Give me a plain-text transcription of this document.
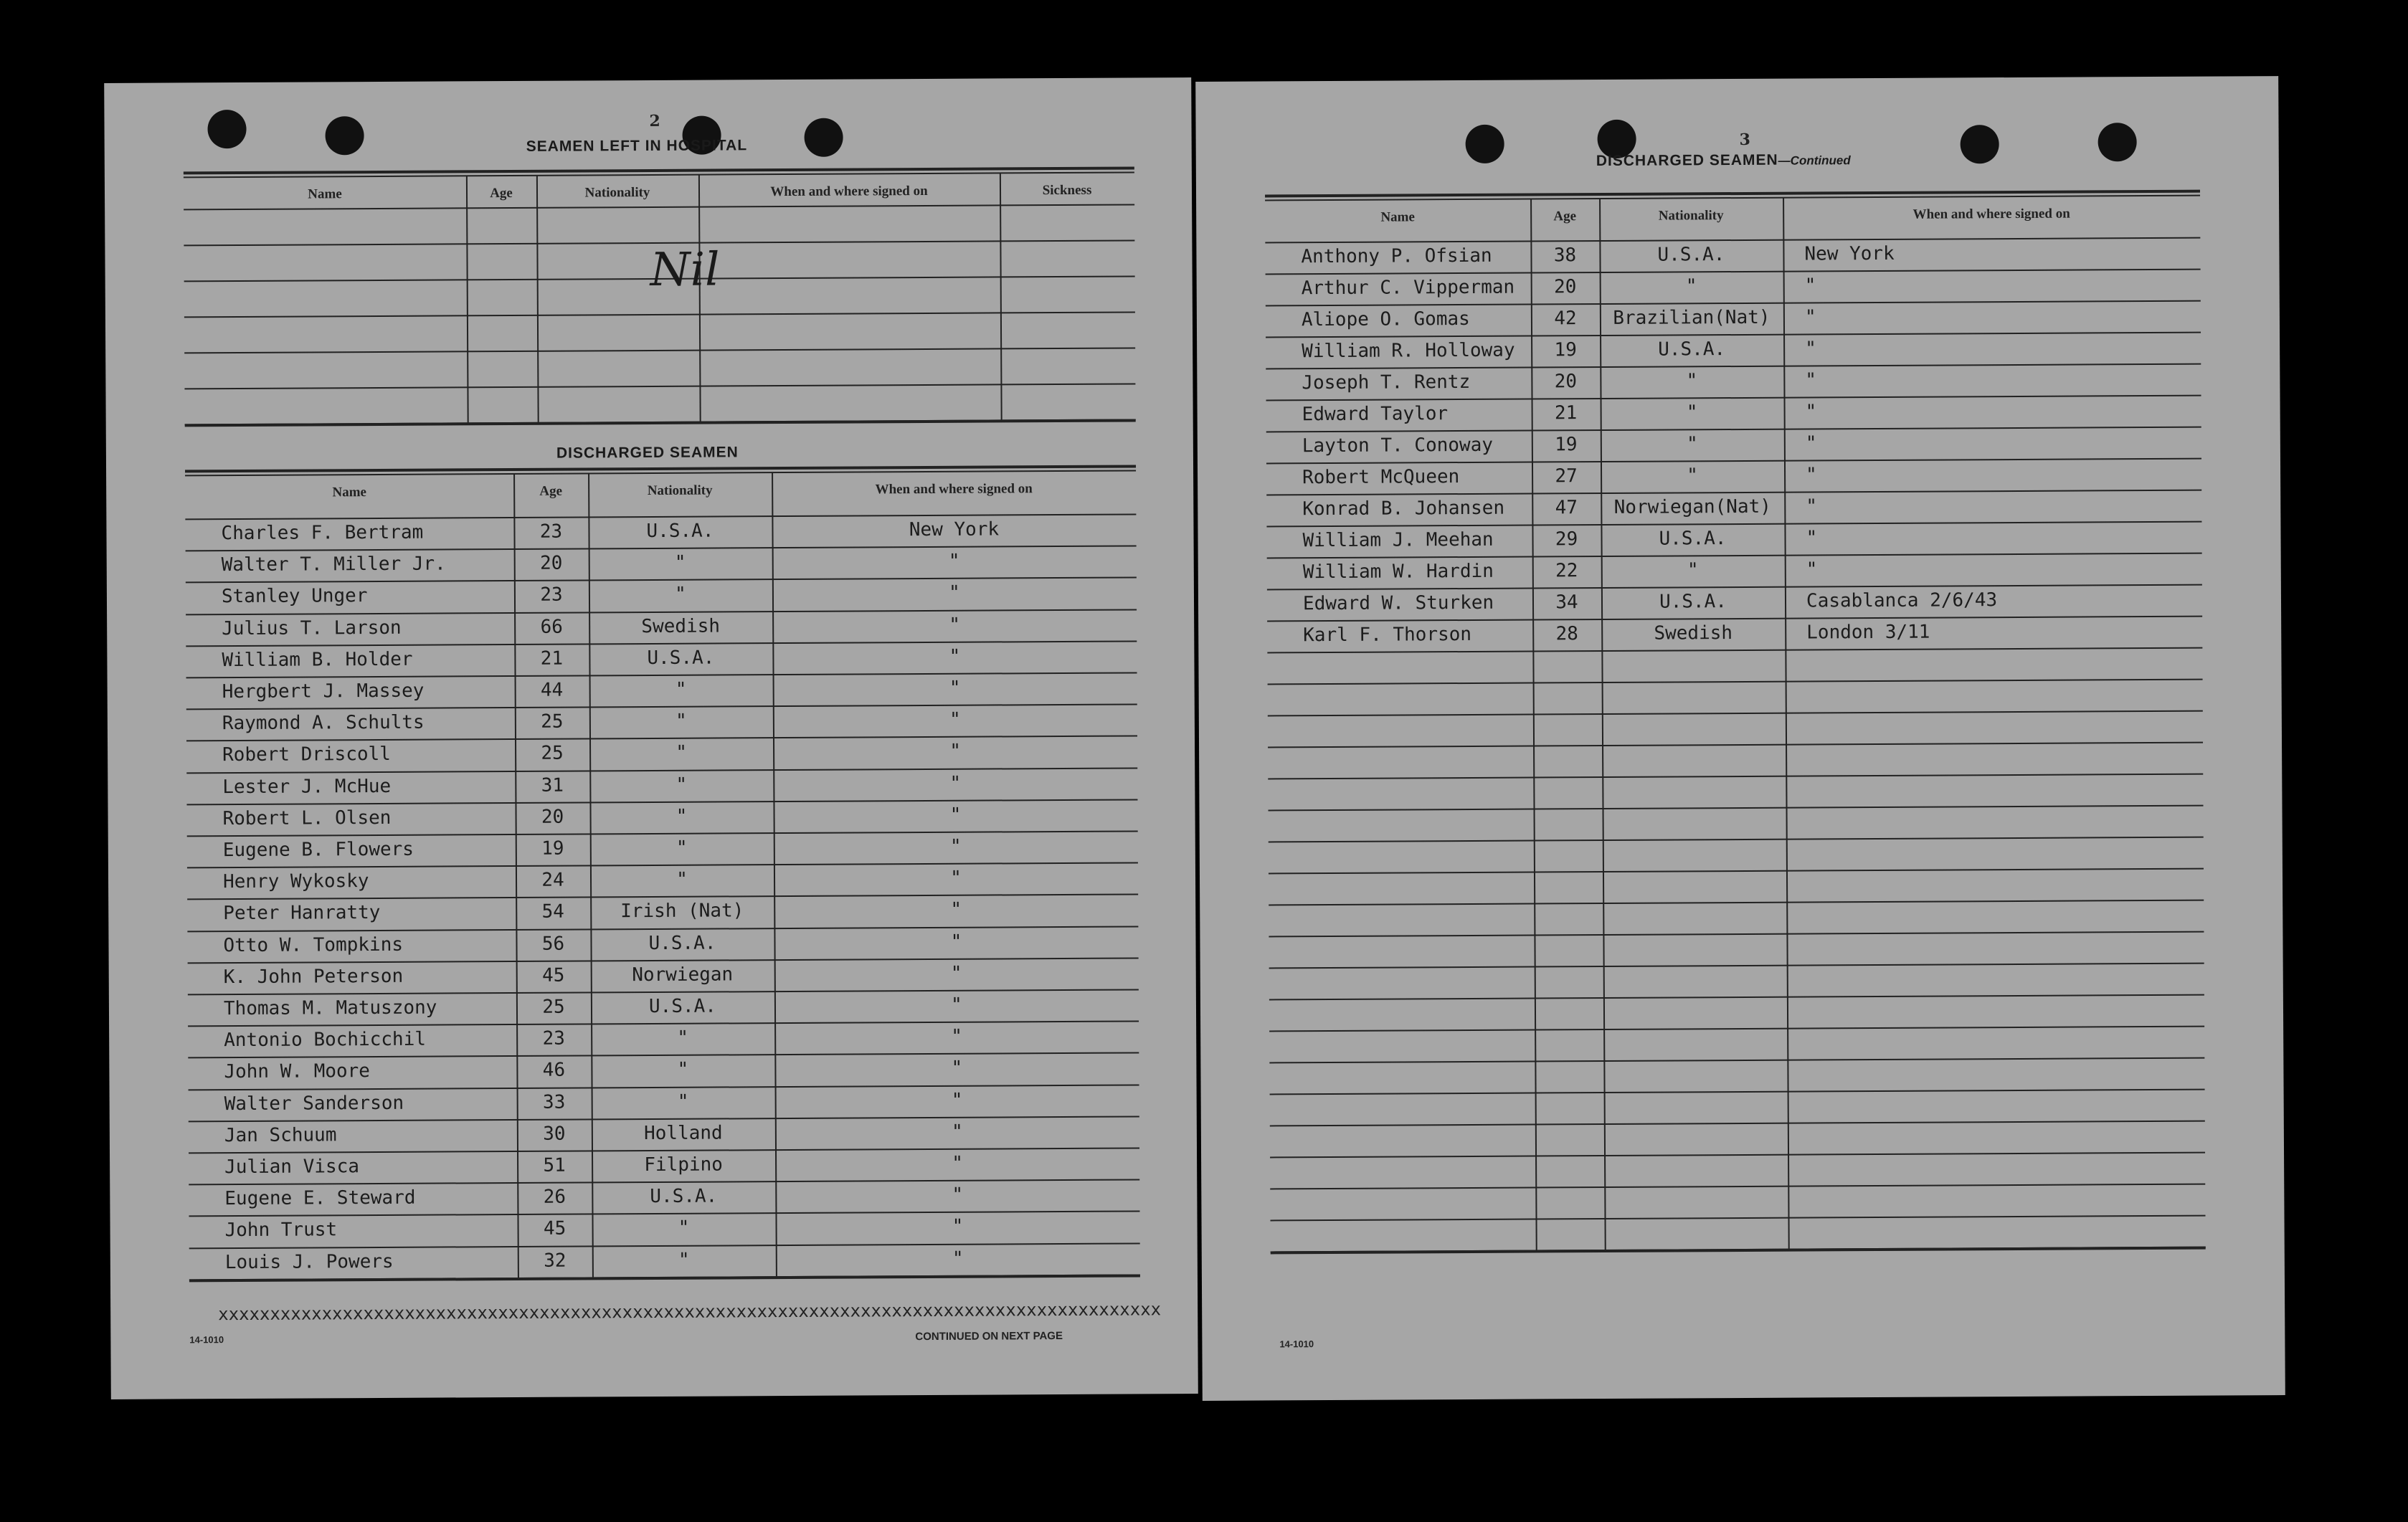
2
SEAMEN LEFT IN HOSPITAL
Name	Age	Nationality	When and where signed on	Sickness
Nil
DISCHARGED SEAMEN
Name	Age	Nationality	When and where signed on
Charles F. Bertram	23	U.S.A.	New York
Walter T. Miller Jr.	20	"	"
Stanley Unger	23	"	"
Julius T. Larson	66	Swedish	"
William B. Holder	21	U.S.A.	"
Hergbert J. Massey	44	"	"
Raymond A. Schults	25	"	"
Robert Driscoll	25	"	"
Lester J. McHue	31	"	"
Robert L. Olsen	20	"	"
Eugene B. Flowers	19	"	"
Henry Wykosky	24	"	"
Peter Hanratty	54	Irish (Nat)	"
Otto W. Tompkins	56	U.S.A.	"
K. John Peterson	45	Norwiegan	"
Thomas M. Matuszony	25	U.S.A.	"
Antonio Bochicchil	23	"	"
John W. Moore	46	"	"
Walter Sanderson	33	"	"
Jan Schuum	30	Holland	"
Julian Visca	51	Filpino	"
Eugene E. Steward	26	U.S.A.	"
John Trust	45	"	"
Louis J. Powers	32	"	"
xxxxxxxxxxxxxxxxxxxxxxxxxxxxxxxxxxxxxxxxxxxxxxxxxxxxxxxxxxxxxxxxxxxxxxxxxxxxxxxxxxxxxxxxxxx
14-1010	CONTINUED ON NEXT PAGE
3
DISCHARGED SEAMEN—Continued
Name	Age	Nationality	When and where signed on
Anthony P. Ofsian	38	U.S.A.	New York
Arthur C. Vipperman	20	"	"
Aliope O. Gomas	42	Brazilian(Nat)	"
William R. Holloway	19	U.S.A.	"
Joseph T. Rentz	20	"	"
Edward Taylor	21	"	"
Layton T. Conoway	19	"	"
Robert McQueen	27	"	"
Konrad B. Johansen	47	Norwiegan(Nat)	"
William J. Meehan	29	U.S.A.	"
William W. Hardin	22	"	"
Edward W. Sturken	34	U.S.A.	Casablanca 2/6/43
Karl F. Thorson	28	Swedish	London 3/11
14-1010
